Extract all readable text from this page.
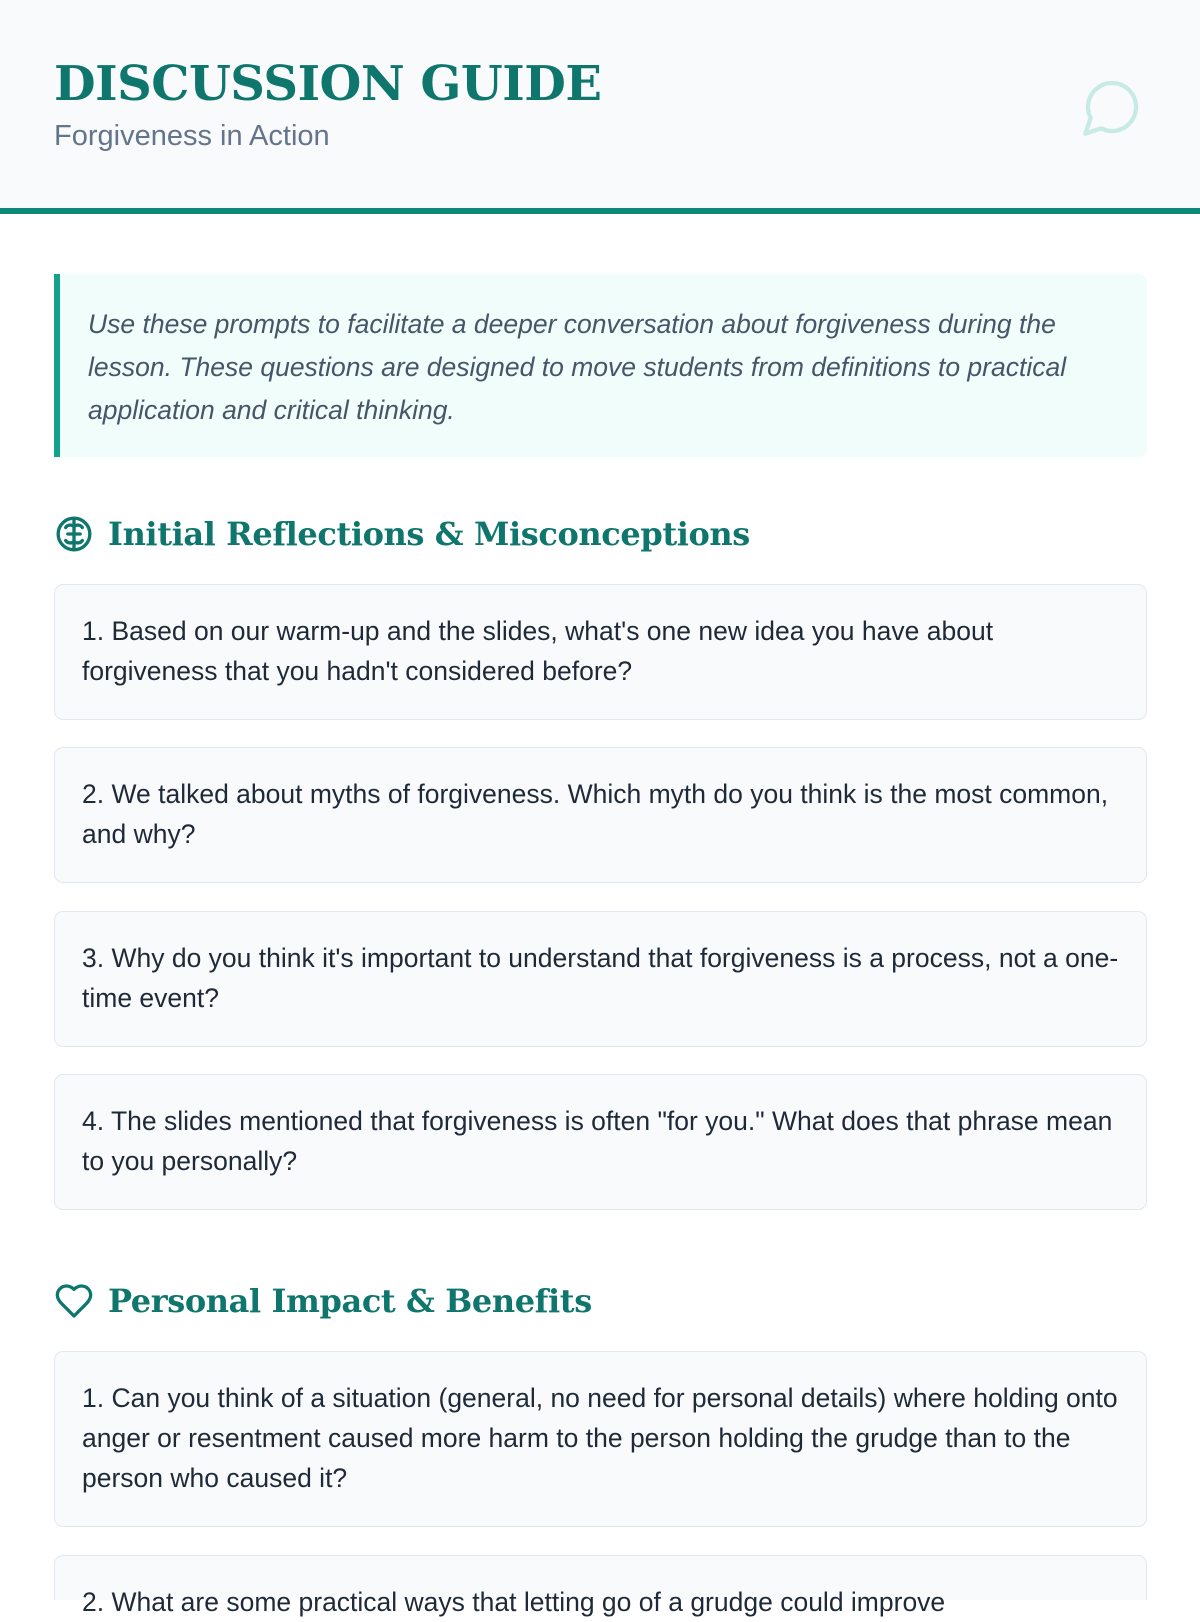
DISCUSSION GUIDE
Forgiveness in Action

Use these prompts to facilitate a deeper conversation about forgiveness during the lesson. These questions are designed to move students from definitions to practical application and critical thinking.

Initial Reflections & Misconceptions

1. Based on our warm-up and the slides, what's one new idea you have about forgiveness that you hadn't considered before?

2. We talked about myths of forgiveness. Which myth do you think is the most common, and why?

3. Why do you think it's important to understand that forgiveness is a process, not a one-time event?

4. The slides mentioned that forgiveness is often "for you." What does that phrase mean to you personally?

Personal Impact & Benefits

1. Can you think of a situation (general, no need for personal details) where holding onto anger or resentment caused more harm to the person holding the grudge than to the person who caused it?

2. What are some practical ways that letting go of a grudge could improve
